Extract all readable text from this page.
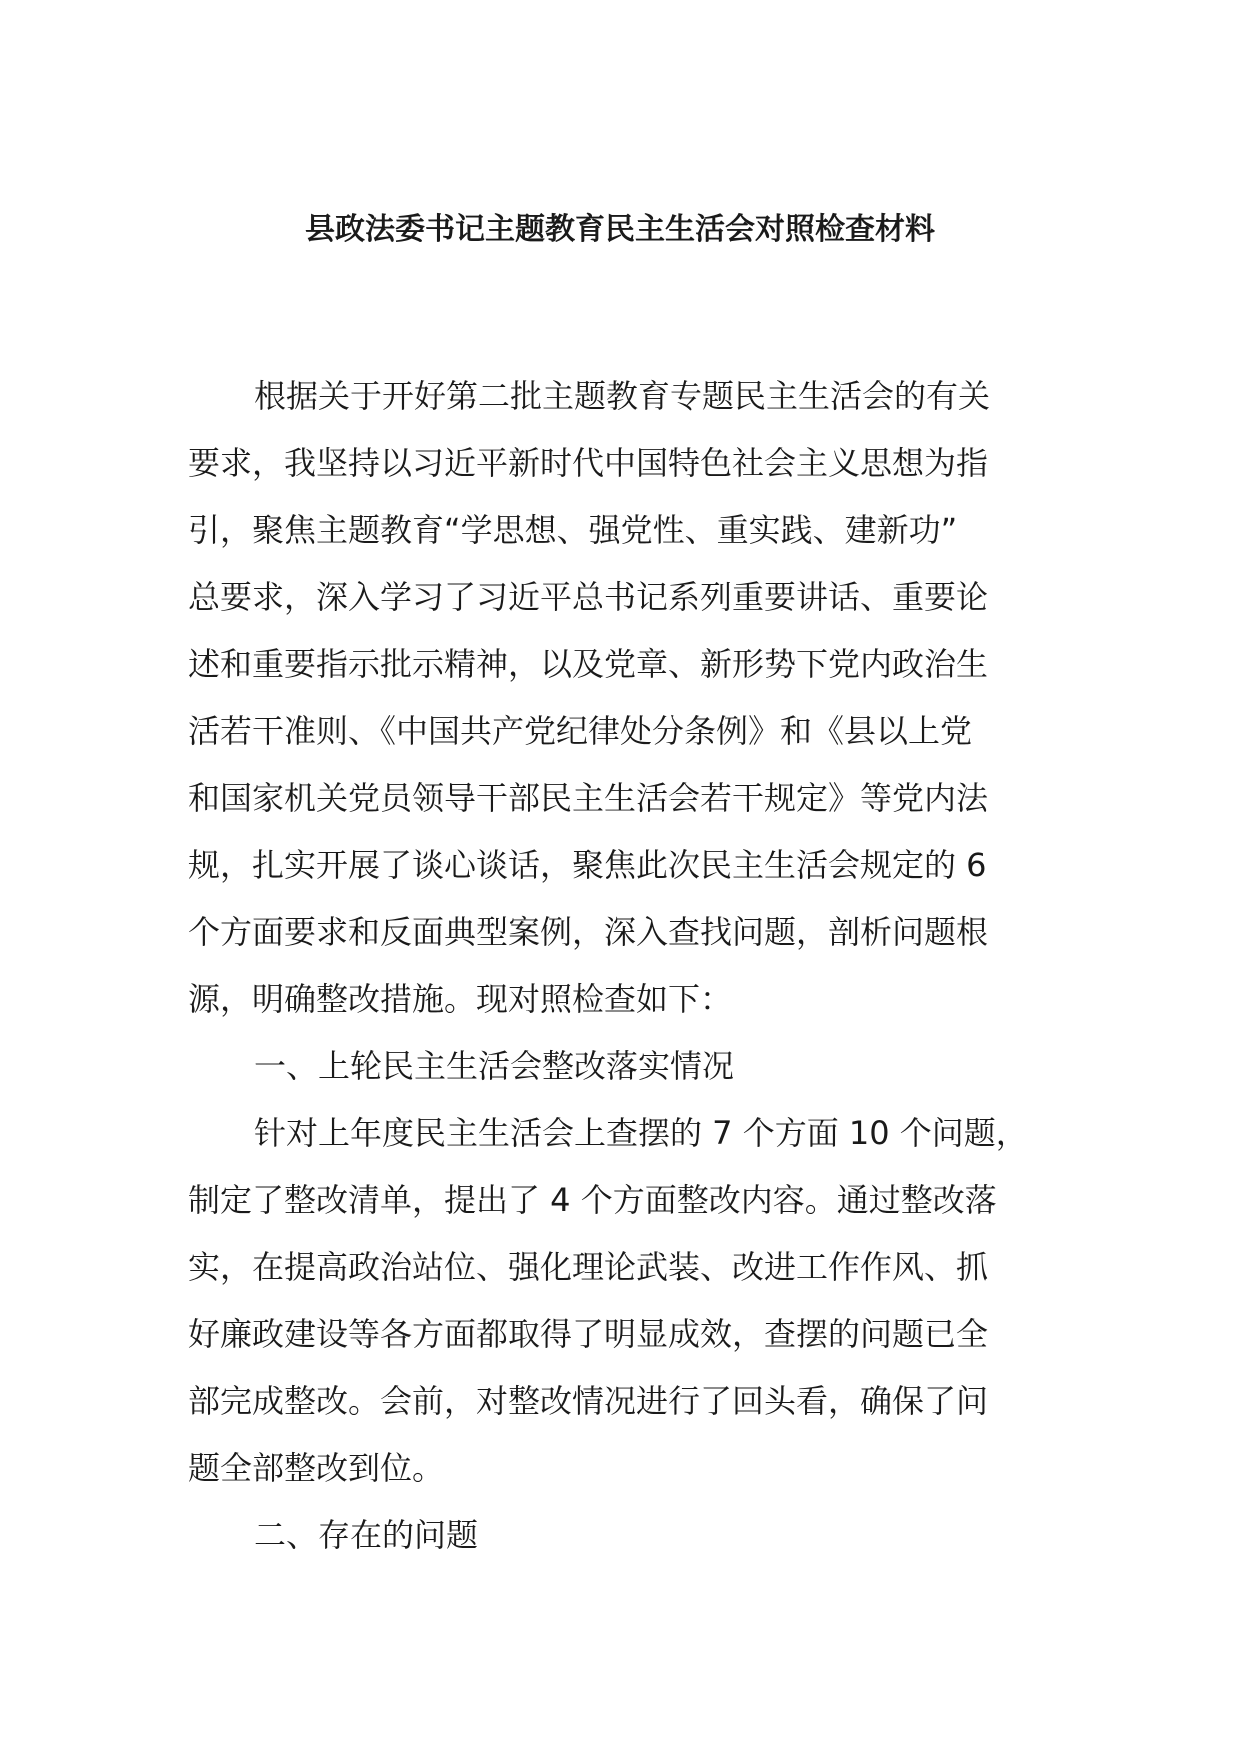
县政法委书记主题教育民主生活会对照检查材料

根据关于开好第二批主题教育专题民主生活会的有关

要求，我坚持以习近平新时代中国特色社会主义思想为指

引，聚焦主题教育“学思想、强党性、重实践、建新功”

总要求，深入学习了习近平总书记系列重要讲话、重要论

述和重要指示批示精神，以及党章、新形势下党内政治生

活若干准则、《中国共产党纪律处分条例》和《县以上党

和国家机关党员领导干部民主生活会若干规定》等党内法

规，扎实开展了谈心谈话，聚焦此次民主生活会规定的 6

个方面要求和反面典型案例，深入查找问题，剖析问题根

源，明确整改措施。现对照检查如下：

一、上轮民主生活会整改落实情况

针对上年度民主生活会上查摆的 7 个方面 10 个问题，

制定了整改清单，提出了 4 个方面整改内容。通过整改落

实，在提高政治站位、强化理论武装、改进工作作风、抓

好廉政建设等各方面都取得了明显成效，查摆的问题已全

部完成整改。会前，对整改情况进行了回头看，确保了问

题全部整改到位。

二、存在的问题
